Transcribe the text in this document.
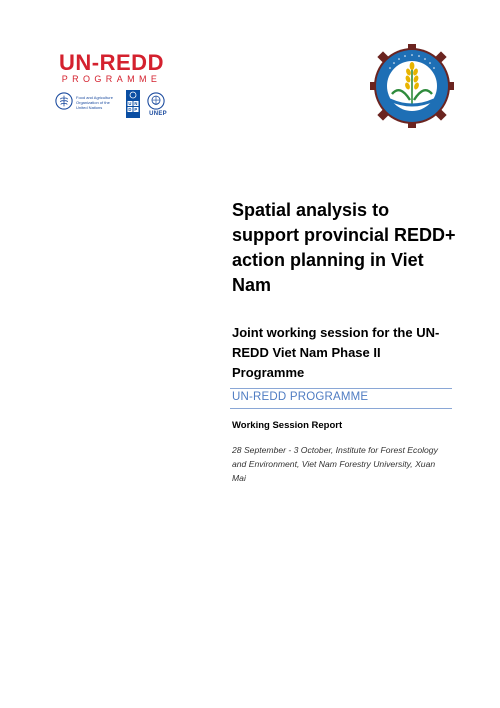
UN-REDD
PROGRAMME
Food and Agriculture Organization of the United Nations
U N
D P
UNEP
Spatial analysis to
support provincial REDD+
action planning in Viet
Nam
Joint working session for the UN-
REDD Viet Nam Phase II
Programme
UN-REDD PROGRAMME
Working Session Report
28 September - 3 October, Institute for Forest Ecology
and Environment, Viet Nam Forestry University, Xuan
Mai
